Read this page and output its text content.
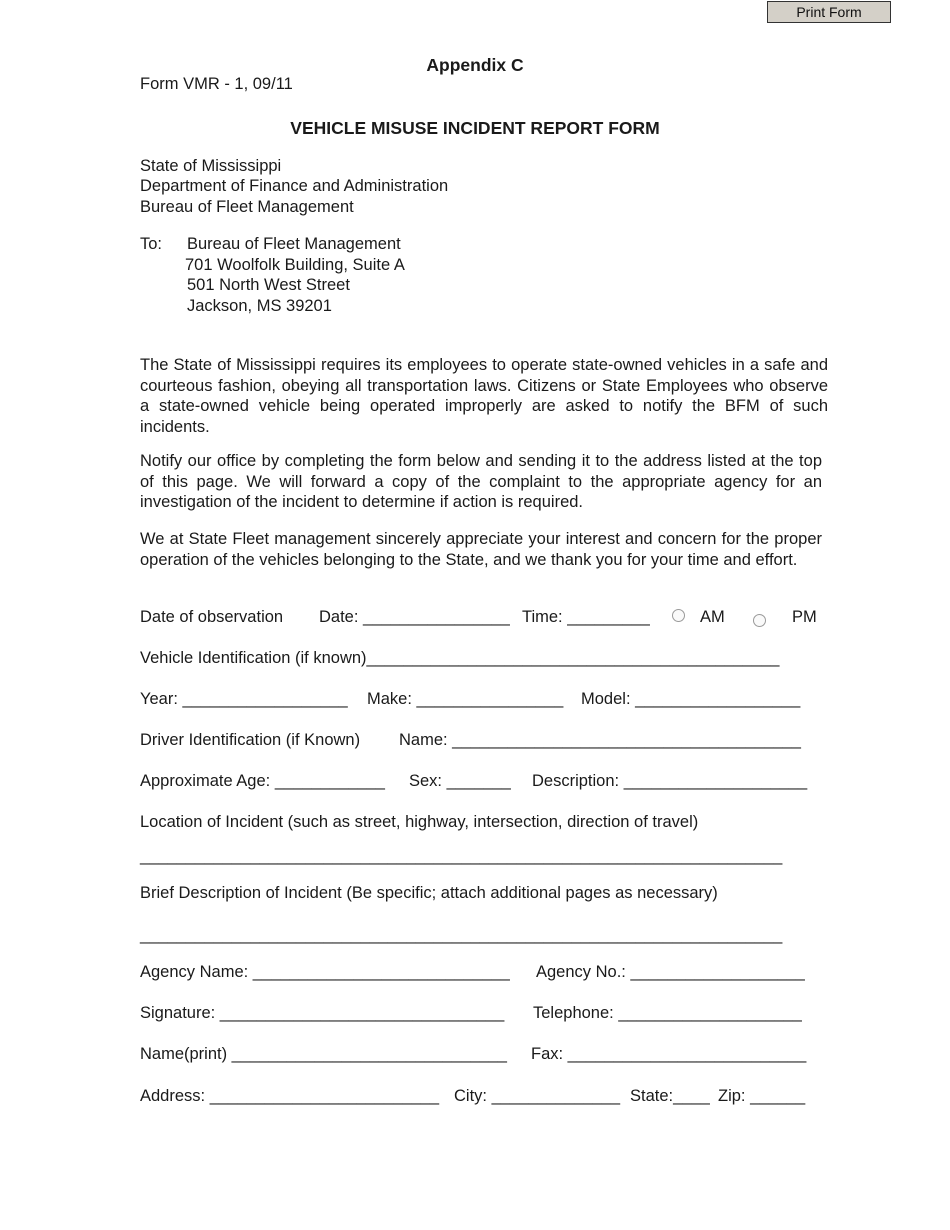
Print Form
Appendix C
Form VMR - 1, 09/11
VEHICLE MISUSE INCIDENT REPORT FORM
State of Mississippi
Department of Finance and Administration
Bureau of Fleet Management
To: Bureau of Fleet Management
701 Woolfolk Building, Suite A
501 North West Street
Jackson, MS 39201
The State of Mississippi requires its employees to operate state-owned vehicles in a safe and courteous fashion, obeying all transportation laws. Citizens or State Employees who observe a state-owned vehicle being operated improperly are asked to notify the BFM of such incidents.
Notify our office by completing the form below and sending it to the address listed at the top of this page. We will forward a copy of the complaint to the appropriate agency for an investigation of the incident to determine if action is required.
We at State Fleet management sincerely appreciate your interest and concern for the proper operation of the vehicles belonging to the State, and we thank you for your time and effort.
Date of observation Date: ________________ Time: _________	AM	PM
Vehicle Identification (if known)_____________________________________________
Year: __________________ Make: ________________ Model: __________________
Driver Identification (if Known) Name: ______________________________________
Approximate Age: ____________ Sex: _______ Description: ____________________
Location of Incident (such as street, highway, intersection, direction of travel)
______________________________________________________________________
Brief Description of Incident (Be specific; attach additional pages as necessary)
______________________________________________________________________
Agency Name: ____________________________ Agency No.: ___________________
Signature: _______________________________ Telephone: ____________________
Name(print) ______________________________ Fax: __________________________
Address: _________________________ City: ______________ State:____ Zip: ______
